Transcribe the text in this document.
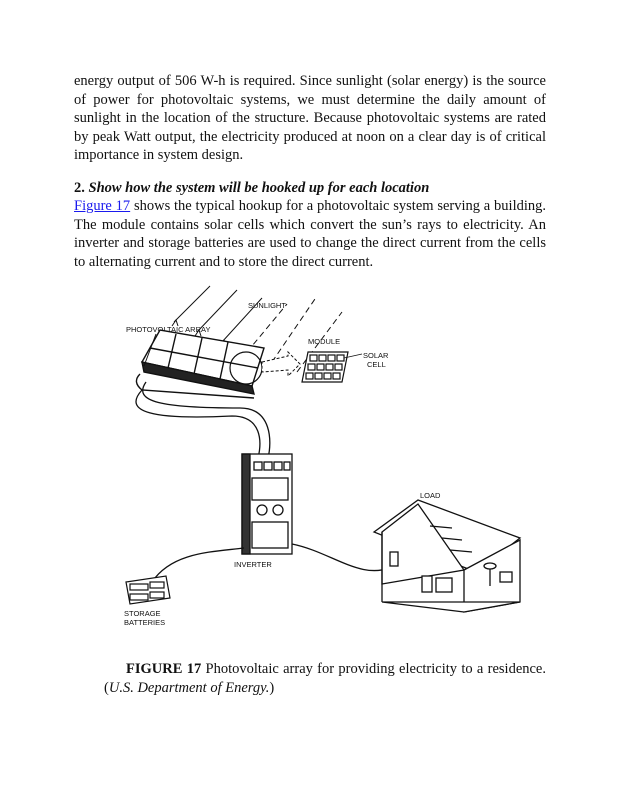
energy output of 506 W-h is required. Since sunlight (solar energy) is the source of power for photovoltaic systems, we must determine the daily amount of sunlight in the location of the structure. Because photovoltaic systems are rated by peak Watt output, the electricity produced at noon on a clear day is of critical importance in system design.

2. Show how the system will be hooked up for each location

Figure 17 shows the typical hookup for a photovoltaic system serving a building. The module contains solar cells which convert the sun’s rays to electricity. An inverter and storage batteries are used to change the direct current from the cells to alternating current and to store the direct current.

SUNLIGHT
PHOTOVOLTAIC ARRAY
MODULE
SOLAR
CELL
INVERTER
STORAGE
BATTERIES
LOAD

FIGURE 17 Photovoltaic array for providing electricity to a residence. (U.S. Department of Energy.)
